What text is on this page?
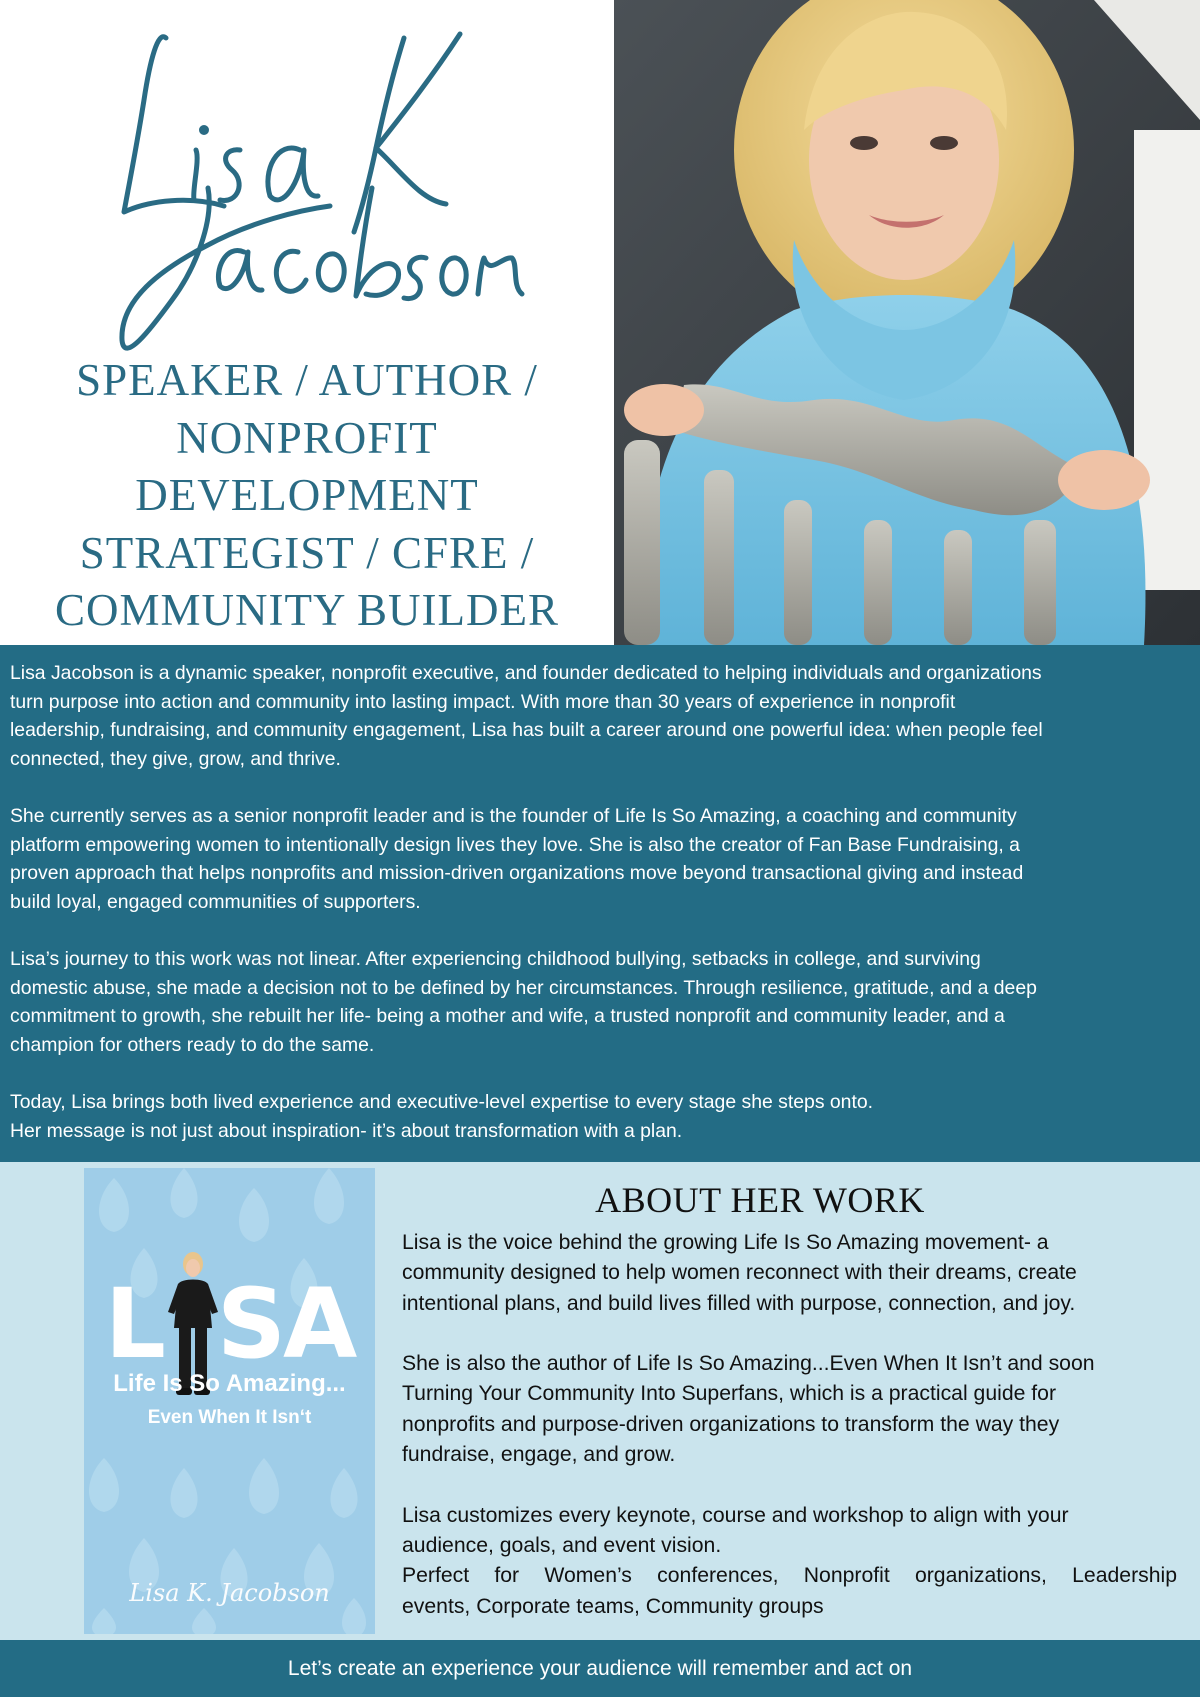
SPEAKER / AUTHOR /
NONPROFIT
DEVELOPMENT
STRATEGIST / CFRE /
COMMUNITY BUILDER

Lisa Jacobson is a dynamic speaker, nonprofit executive, and founder dedicated to helping individuals and organizations
turn purpose into action and community into lasting impact. With more than 30 years of experience in nonprofit
leadership, fundraising, and community engagement, Lisa has built a career around one powerful idea: when people feel
connected, they give, grow, and thrive.

She currently serves as a senior nonprofit leader and is the founder of Life Is So Amazing, a coaching and community
platform empowering women to intentionally design lives they love. She is also the creator of Fan Base Fundraising, a
proven approach that helps nonprofits and mission-driven organizations move beyond transactional giving and instead
build loyal, engaged communities of supporters.

Lisa’s journey to this work was not linear. After experiencing childhood bullying, setbacks in college, and surviving
domestic abuse, she made a decision not to be defined by her circumstances. Through resilience, gratitude, and a deep
commitment to growth, she rebuilt her life- being a mother and wife, a trusted nonprofit and community leader, and a
champion for others ready to do the same.

Today, Lisa brings both lived experience and executive-level expertise to every stage she steps onto.
Her message is not just about inspiration- it’s about transformation with a plan.

L SA
Life Is So Amazing...
Even When It Isn‘t
Lisa K. Jacobson
ABOUT HER WORK

Lisa is the voice behind the growing Life Is So Amazing movement- a
community designed to help women reconnect with their dreams, create
intentional plans, and build lives filled with purpose, connection, and joy.

She is also the author of Life Is So Amazing...Even When It Isn’t and soon
Turning Your Community Into Superfans, which is a practical guide for
nonprofits and purpose-driven organizations to transform the way they
fundraise, engage, and grow.

Lisa customizes every keynote, course and workshop to align with your
audience, goals, and event vision.

Perfect for Women’s conferences, Nonprofit organizations, Leadership
events, Corporate teams, Community groups

Let’s create an experience your audience will remember and act on
